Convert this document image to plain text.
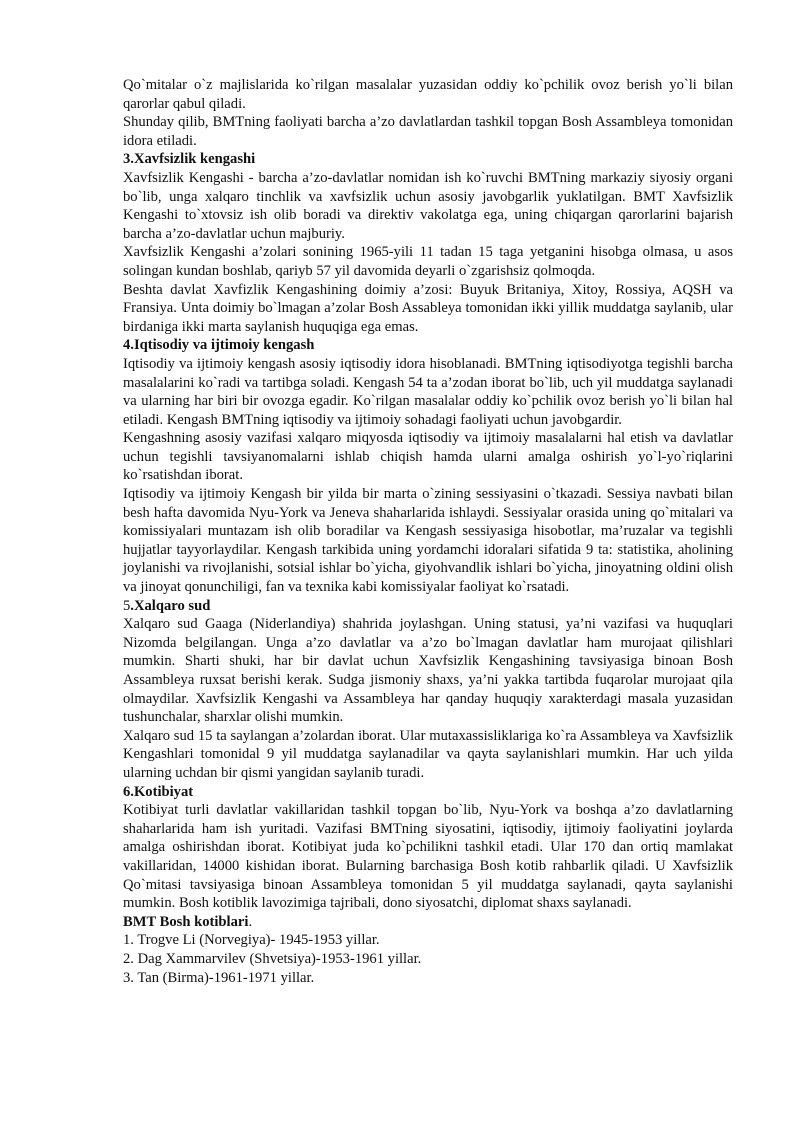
Qo`mitalar o`z majlislarida ko`rilgan masalalar yuzasidan oddiy ko`pchilik ovoz berish yo`li bilan qarorlar qabul qiladi.

Shunday qilib, BMTning faoliyati barcha a’zo davlatlardan tashkil topgan Bosh Assambleya tomonidan idora etiladi.

3.Xavfsizlik kengashi

Xavfsizlik Kengashi - barcha a’zo-davlatlar nomidan ish ko`ruvchi BMTning markaziy siyosiy organi bo`lib, unga xalqaro tinchlik va xavfsizlik uchun asosiy javobgarlik yuklatilgan. BMT Xavfsizlik Kengashi to`xtovsiz ish olib boradi va direktiv vakolatga ega, uning chiqargan qarorlarini bajarish barcha a’zo-davlatlar uchun majburiy.

Xavfsizlik Kengashi a’zolari sonining 1965-yili 11 tadan 15 taga yetganini hisobga olmasa, u asos solingan kundan boshlab, qariyb 57 yil davomida deyarli o`zgarishsiz qolmoqda.

Beshta davlat Xavfizlik Kengashining doimiy a’zosi: Buyuk Britaniya, Xitoy, Rossiya, AQSH va Fransiya. Unta doimiy bo`lmagan a’zolar Bosh Assableya tomonidan ikki yillik muddatga saylanib, ular birdaniga ikki marta saylanish huquqiga ega emas.

4.Iqtisodiy va ijtimoiy kengash

Iqtisodiy va ijtimoiy kengash asosiy iqtisodiy idora hisoblanadi. BMTning iqtisodiyotga tegishli barcha masalalarini ko`radi va tartibga soladi. Kengash 54 ta a’zodan iborat bo`lib, uch yil muddatga saylanadi va ularning har biri bir ovozga egadir. Ko`rilgan masalalar oddiy ko`pchilik ovoz berish yo`li bilan hal etiladi. Kengash BMTning iqtisodiy va ijtimoiy sohadagi faoliyati uchun javobgardir.

Kengashning asosiy vazifasi xalqaro miqyosda iqtisodiy va ijtimoiy masalalarni hal etish va davlatlar uchun tegishli tavsiyanomalarni ishlab chiqish hamda ularni amalga oshirish yo`l-yo`riqlarini ko`rsatishdan iborat.

Iqtisodiy va ijtimoiy Kengash bir yilda bir marta o`zining sessiyasini o`tkazadi. Sessiya navbati bilan besh hafta davomida Nyu-York va Jeneva shaharlarida ishlaydi. Sessiyalar orasida uning qo`mitalari va komissiyalari muntazam ish olib boradilar va Kengash sessiyasiga hisobotlar, ma’ruzalar va tegishli hujjatlar tayyorlaydilar. Kengash tarkibida uning yordamchi idoralari sifatida 9 ta: statistika, aholining joylanishi va rivojlanishi, sotsial ishlar bo`yicha, giyohvandlik ishlari bo`yicha, jinoyatning oldini olish va jinoyat qonunchiligi, fan va texnika kabi komissiyalar faoliyat ko`rsatadi.

5.Xalqaro sud

Xalqaro sud Gaaga (Niderlandiya) shahrida joylashgan. Uning statusi, ya’ni vazifasi va huquqlari Nizomda belgilangan. Unga a’zo davlatlar va a’zo bo`lmagan davlatlar ham murojaat qilishlari mumkin. Sharti shuki, har bir davlat uchun Xavfsizlik Kengashining tavsiyasiga binoan Bosh Assambleya ruxsat berishi kerak. Sudga jismoniy shaxs, ya’ni yakka tartibda fuqarolar murojaat qila olmaydilar. Xavfsizlik Kengashi va Assambleya har qanday huquqiy xarakterdagi masala yuzasidan tushunchalar, sharxlar olishi mumkin.

Xalqaro sud 15 ta saylangan a’zolardan iborat. Ular mutaxassisliklariga ko`ra Assambleya va Xavfsizlik Kengashlari tomonidal 9 yil muddatga saylanadilar va qayta saylanishlari mumkin. Har uch yilda ularning uchdan bir qismi yangidan saylanib turadi.

6.Kotibiyat

Kotibiyat turli davlatlar vakillaridan tashkil topgan bo`lib, Nyu-York va boshqa a’zo davlatlarning shaharlarida ham ish yuritadi. Vazifasi BMTning siyosatini, iqtisodiy, ijtimoiy faoliyatini joylarda amalga oshirishdan iborat. Kotibiyat juda ko`pchilikni tashkil etadi. Ular 170 dan ortiq mamlakat vakillaridan, 14000 kishidan iborat. Bularning barchasiga Bosh kotib rahbarlik qiladi. U Xavfsizlik Qo`mitasi tavsiyasiga binoan Assambleya tomonidan 5 yil muddatga saylanadi, qayta saylanishi mumkin. Bosh kotiblik lavozimiga tajribali, dono siyosatchi, diplomat shaxs saylanadi.

BMT Bosh kotiblari.

1. Trogve Li (Norvegiya)- 1945-1953 yillar.
2. Dag Xammarvilev (Shvetsiya)-1953-1961 yillar.
3. Tan (Birma)-1961-1971 yillar.
